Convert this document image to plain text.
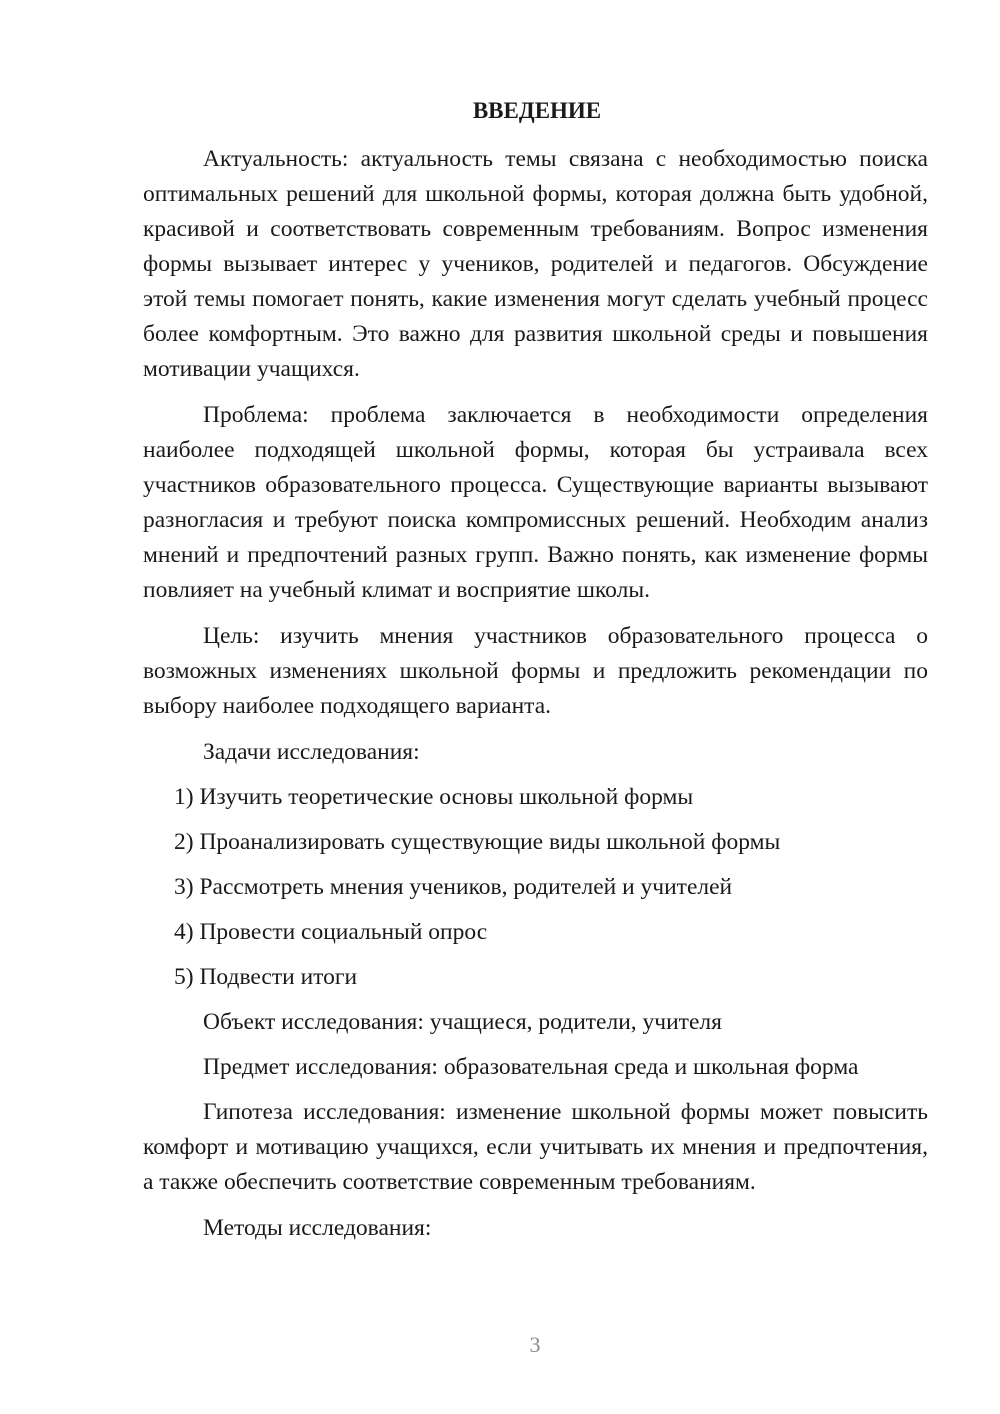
ВВЕДЕНИЕ

Актуальность: актуальность темы связана с необходимостью поиска оптимальных решений для школьной формы, которая должна быть удобной, красивой и соответствовать современным требованиям. Вопрос изменения формы вызывает интерес у учеников, родителей и педагогов. Обсуждение этой темы помогает понять, какие изменения могут сделать учебный процесс более комфортным. Это важно для развития школьной среды и повышения мотивации учащихся.

Проблема: проблема заключается в необходимости определения наиболее подходящей школьной формы, которая бы устраивала всех участников образовательного процесса. Существующие варианты вызывают разногласия и требуют поиска компромиссных решений. Необходим анализ мнений и предпочтений разных групп. Важно понять, как изменение формы повлияет на учебный климат и восприятие школы.

Цель: изучить мнения участников образовательного процесса о возможных изменениях школьной формы и предложить рекомендации по выбору наиболее подходящего варианта.

Задачи исследования:

1) Изучить теоретические основы школьной формы
2) Проанализировать существующие виды школьной формы
3) Рассмотреть мнения учеников, родителей и учителей
4) Провести социальный опрос
5) Подвести итоги

Объект исследования: учащиеся, родители, учителя

Предмет исследования: образовательная среда и школьная форма

Гипотеза исследования: изменение школьной формы может повысить комфорт и мотивацию учащихся, если учитывать их мнения и предпочтения, а также обеспечить соответствие современным требованиям.

Методы исследования:

3
